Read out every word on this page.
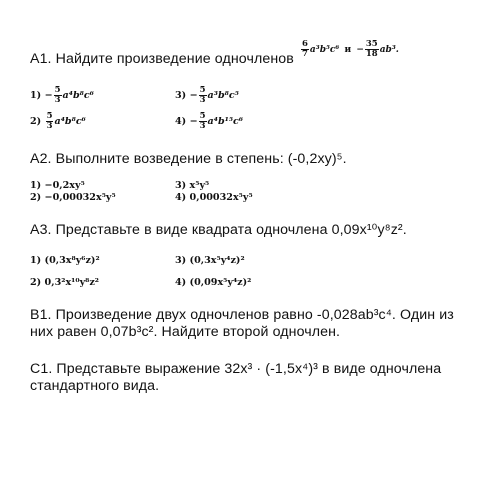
A1. Найдите произведение одночленов $\frac{6}{7} a^3b^5c^6$ $и - \frac{35}{18} ab^3$.
$1) - \frac{5}{3} a^4b^8c^6$
$2) \frac{5}{3} a^4b^8c^6$
$3) - \frac{5}{3} a^3b^8c^5$
$4) - \frac{5}{3} a^4b^{15}c^6$
A2. Выполните возведение в степень: (-0,2xy)⁵.
1) −0,2xy⁵
2) −0,00032x⁵y⁵
3) x⁵y⁵
4) 0,00032x⁵y⁵
A3. Представьте в виде квадрата одночлена 0,09x¹⁰y⁸z².
1) (0,3x⁸y⁶z)²
2) 0,3²x¹⁰y⁸z²
3) (0,3x⁵y⁴z)²
4) (0,09x⁵y⁴z)²
B1. Произведение двух одночленов равно -0,028ab³c⁴. Один из
них равен 0,07b³c². Найдите второй одночлен.
C1. Представьте выражение 32x³ · (-1,5x⁴)³ в виде одночлена
стандартного вида.
